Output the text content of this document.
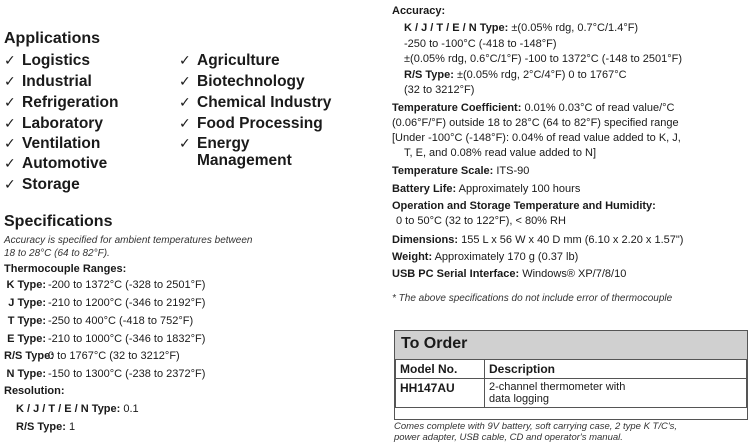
Applications
✓ Logistics
✓ Industrial
✓ Refrigeration
✓ Laboratory
✓ Ventilation
✓ Automotive
✓ Storage
✓ Agriculture
✓ Biotechnology
✓ Chemical Industry
✓ Food Processing
✓ Energy
Management
Specifications
Accuracy is specified for ambient temperatures between
18 to 28°C (64 to 82°F).
Thermocouple Ranges:
K Type: -200 to 1372°C (-328 to 2501°F)
J Type: -210 to 1200°C (-346 to 2192°F)
T Type: -250 to 400°C (-418 to 752°F)
E Type: -210 to 1000°C (-346 to 1832°F)
R/S Type:0 to 1767°C (32 to 3212°F)
N Type: -150 to 1300°C (-238 to 2372°F)
Resolution:
K / J / T / E / N Type: 0.1
R/S Type: 1
Accuracy:
K / J / T / E / N Type: ±(0.05% rdg, 0.7°C/1.4°F)
-250 to -100°C (-418 to -148°F)
±(0.05% rdg, 0.6°C/1°F) -100 to 1372°C (-148 to 2501°F)
R/S Type: ±(0.05% rdg, 2°C/4°F) 0 to 1767°C
(32 to 3212°F)
Temperature Coefficient: 0.01% 0.03°C of read value/°C
(0.06°F/°F) outside 18 to 28°C (64 to 82°F) specified range
[Under -100°C (-148°F): 0.04% of read value added to K, J,
T, E, and 0.08% read value added to N]
Temperature Scale: ITS-90
Battery Life: Approximately 100 hours
Operation and Storage Temperature and Humidity:
0 to 50°C (32 to 122°F), < 80% RH
Dimensions: 155 L x 56 W x 40 D mm (6.10 x 2.20 x 1.57")
Weight: Approximately 170 g (0.37 lb)
USB PC Serial Interface: Windows® XP/7/8/10
* The above specifications do not include error of thermocouple
To Order
Model No.	Description
HH147AU	2-channel thermometer with
data logging
Comes complete with 9V battery, soft carrying case, 2 type K T/C's,
power adapter, USB cable, CD and operator's manual.
